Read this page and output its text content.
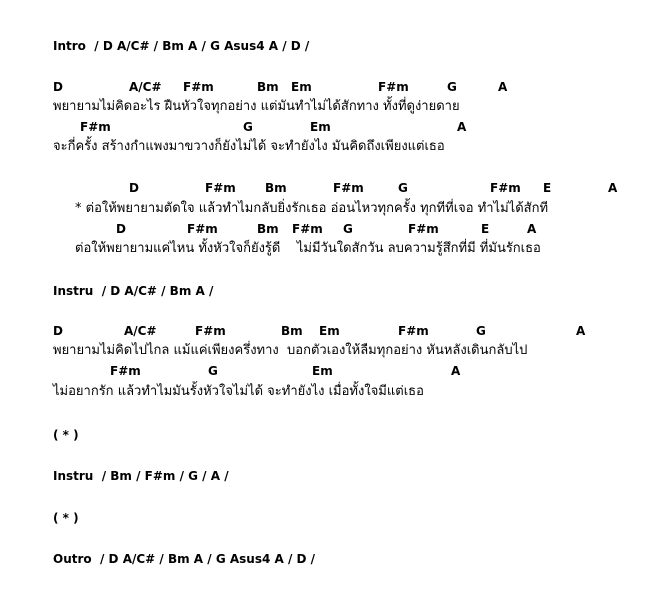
Intro  / D A/C# / Bm A / G Asus4 A / D /
D	A/C# F#m	Bm Em	F#m	G	A
พยายามไม่คิดอะไร ฝืนหัวใจทุกอย่าง แต่มันทำไม่ได้สักทาง ทั้งที่ดูง่ายดาย
F#m	G	Em	A
จะกี่ครั้ง สร้างกำแพงมาขวางก็ยังไม่ได้ จะทำยังไง มันคิดถึงเพียงแต่เธอ
D	F#m Bm	F#m	G	F#m E	A
* ต่อให้พยายามตัดใจ แล้วทำไมกลับยิ่งรักเธอ อ่อนไหวทุกครั้ง ทุกทีที่เจอ ทำไม่ได้สักที
D	F#m	Bm F#m G	F#m	E	A
ต่อให้พยายามแค่ไหน ทั้งหัวใจก็ยังรู้ดี    ไม่มีวันใดสักวัน ลบความรู้สึกที่มี ที่มันรักเธอ
Instru  / D A/C# / Bm A /
D	A/C#	F#m	Bm Em	F#m	G	A
พยายามไม่คิดไปไกล แม้แค่เพียงครึ่งทาง  บอกตัวเองให้ลืมทุกอย่าง หันหลังเดินกลับไป
F#m	G	Em	A
ไม่อยากรัก แล้วทำไมมันรั้งหัวใจไม่ได้ จะทำยังไง เมื่อทั้งใจมีแต่เธอ
( * )
Instru  / Bm / F#m / G / A /
( * )
Outro  / D A/C# / Bm A / G Asus4 A / D /
